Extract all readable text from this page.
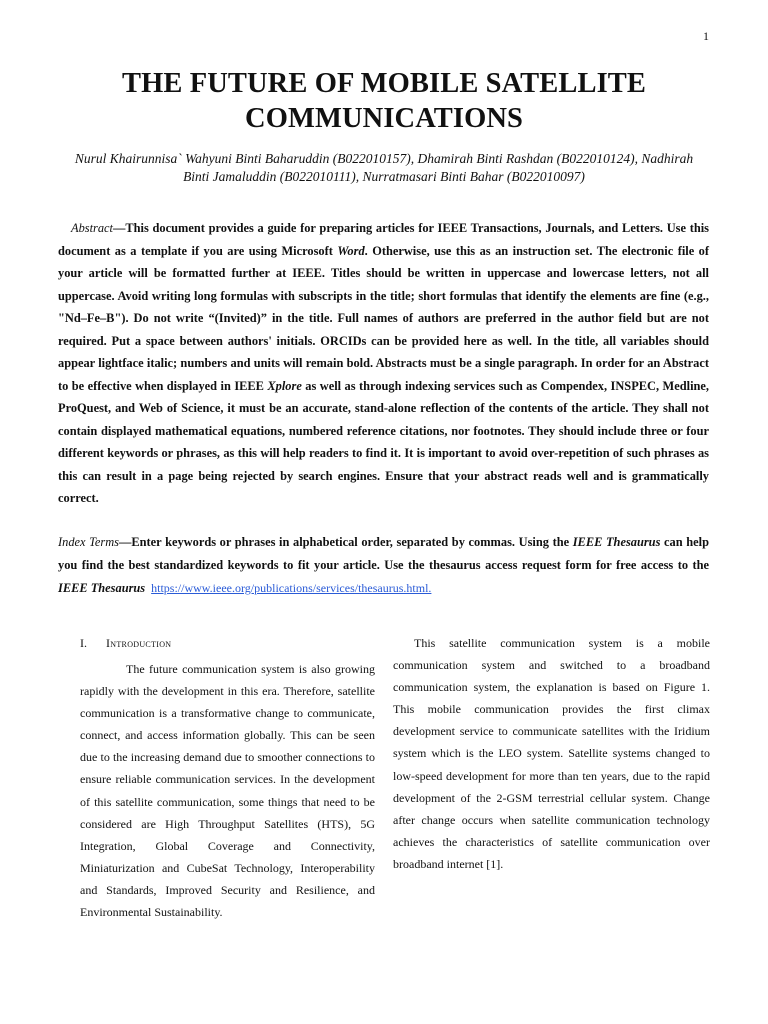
1
THE FUTURE OF MOBILE SATELLITE
COMMUNICATIONS
Nurul Khairunnisa` Wahyuni Binti Baharuddin (B022010157), Dhamirah Binti Rashdan (B022010124), Nadhirah
Binti Jamaluddin (B022010111), Nurratmasari Binti Bahar (B022010097)

Abstract—This document provides a guide for preparing articles for IEEE Transactions, Journals, and Letters. Use this document as a template if you are using Microsoft Word. Otherwise, use this as an instruction set. The electronic file of your article will be formatted further at IEEE. Titles should be written in uppercase and lowercase letters, not all uppercase. Avoid writing long formulas with subscripts in the title; short formulas that identify the elements are fine (e.g., "Nd–Fe–B"). Do not write “(Invited)” in the title. Full names of authors are preferred in the author field but are not required. Put a space between authors' initials. ORCIDs can be provided here as well. In the title, all variables should appear lightface italic; numbers and units will remain bold. Abstracts must be a single paragraph. In order for an Abstract to be effective when displayed in IEEE Xplore as well as through indexing services such as Compendex, INSPEC, Medline, ProQuest, and Web of Science, it must be an accurate, stand-alone reflection of the contents of the article. They shall not contain displayed mathematical equations, numbered reference citations, nor footnotes. They should include three or four different keywords or phrases, as this will help readers to find it. It is important to avoid over-repetition of such phrases as this can result in a page being rejected by search engines. Ensure that your abstract reads well and is grammatically correct.

Index Terms—Enter keywords or phrases in alphabetical order, separated by commas. Using the IEEE Thesaurus can help you find the best standardized keywords to fit your article. Use the thesaurus access request form for free access to the IEEE Thesaurus https://www.ieee.org/publications/services/thesaurus.html.

I.	Introduction

The future communication system is also growing rapidly with the development in this era. Therefore, satellite communication is a transformative change to communicate, connect, and access information globally. This can be seen due to the increasing demand due to smoother connections to ensure reliable communication services. In the development of this satellite communication, some things that need to be considered are High Throughput Satellites (HTS), 5G Integration, Global Coverage and Connectivity, Miniaturization and CubeSat Technology, Interoperability and Standards, Improved Security and Resilience, and Environmental Sustainability.

This satellite communication system is a mobile communication system and switched to a broadband communication system, the explanation is based on Figure 1. This mobile communication provides the first climax development service to communicate satellites with the Iridium system which is the LEO system. Satellite systems changed to low-speed development for more than ten years, due to the rapid development of the 2-GSM terrestrial cellular system. Change after change occurs when satellite communication technology achieves the characteristics of satellite communication over broadband internet [1].
